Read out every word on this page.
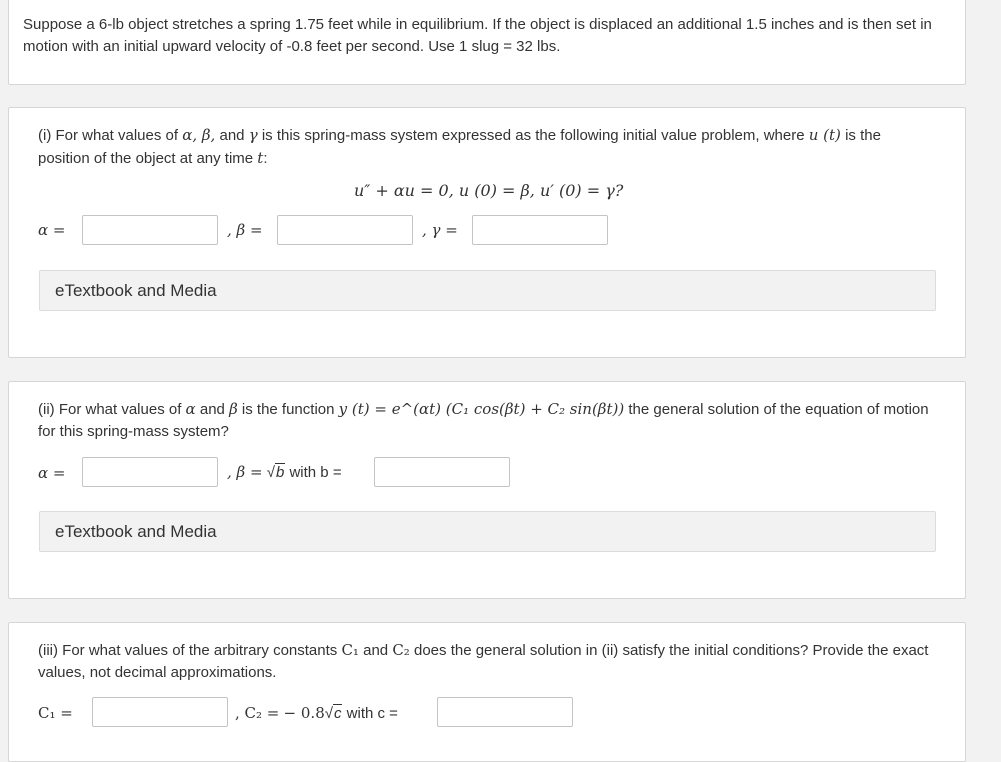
Suppose a 6-lb object stretches a spring 1.75 feet while in equilibrium. If the object is displaced an additional 1.5 inches and is then set in motion with an initial upward velocity of -0.8 feet per second. Use 1 slug = 32 lbs.
(i) For what values of α, β, and γ is this spring-mass system expressed as the following initial value problem, where u (t) is the position of the object at any time t:
u″ + αu = 0, u (0) = β, u′ (0) = γ?
α =	, β =	, γ =
eTextbook and Media
(ii) For what values of α and β is the function y (t) = e^(αt) (C₁ cos(βt) + C₂ sin(βt)) the general solution of the equation of motion for this spring-mass system?
α =	, β = √b with b =
eTextbook and Media
(iii) For what values of the arbitrary constants C₁ and C₂ does the general solution in (ii) satisfy the initial conditions? Provide the exact values, not decimal approximations.
C₁ =	, C₂ = − 0.8√c with c =
